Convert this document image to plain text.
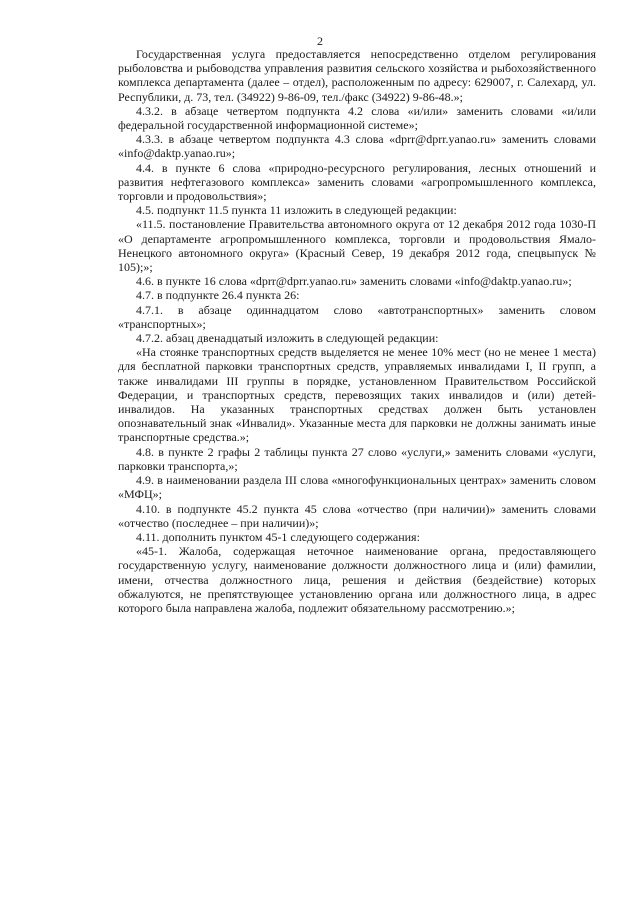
2

Государственная услуга предоставляется непосредственно отделом регулирования рыболовства и рыбоводства управления развития сельского хозяйства и рыбохозяйственного комплекса департамента (далее – отдел), расположенным по адресу: 629007, г. Салехард, ул. Республики, д. 73, тел. (34922) 9-86-09, тел./факс (34922) 9-86-48.»;

4.3.2. в абзаце четвертом подпункта 4.2 слова «и/или» заменить словами «и/или федеральной государственной информационной системе»;

4.3.3. в абзаце четвертом подпункта 4.3 слова «dprr@dprr.yanao.ru» заменить словами «info@daktp.yanao.ru»;

4.4. в пункте 6 слова «природно-ресурсного регулирования, лесных отношений и развития нефтегазового комплекса» заменить словами «агропромышленного комплекса, торговли и продовольствия»;

4.5. подпункт 11.5 пункта 11 изложить в следующей редакции:

«11.5. постановление Правительства автономного округа от 12 декабря 2012 года 1030-П «О департаменте агропромышленного комплекса, торговли и продовольствия Ямало-Ненецкого автономного округа» (Красный Север, 19 декабря 2012 года, спецвыпуск № 105);»;

4.6. в пункте 16 слова «dprr@dprr.yanao.ru» заменить словами «info@daktp.yanao.ru»;

4.7. в подпункте 26.4 пункта 26:

4.7.1. в абзаце одиннадцатом слово «автотранспортных» заменить словом «транспортных»;

4.7.2. абзац двенадцатый изложить в следующей редакции:

«На стоянке транспортных средств выделяется не менее 10% мест (но не менее 1 места) для бесплатной парковки транспортных средств, управляемых инвалидами I, II групп, а также инвалидами III группы в порядке, установленном Правительством Российской Федерации, и транспортных средств, перевозящих таких инвалидов и (или) детей-инвалидов. На указанных транспортных средствах должен быть установлен опознавательный знак «Инвалид». Указанные места для парковки не должны занимать иные транспортные средства.»;

4.8. в пункте 2 графы 2 таблицы пункта 27 слово «услуги,» заменить словами «услуги, парковки транспорта,»;

4.9. в наименовании раздела III слова «многофункциональных центрах» заменить словом «МФЦ»;

4.10. в подпункте 45.2 пункта 45 слова «отчество (при наличии)» заменить словами «отчество (последнее – при наличии)»;

4.11. дополнить пунктом 45-1 следующего содержания:

«45-1. Жалоба, содержащая неточное наименование органа, предоставляющего государственную услугу, наименование должности должностного лица и (или) фамилии, имени, отчества должностного лица, решения и действия (бездействие) которых обжалуются, не препятствующее установлению органа или должностного лица, в адрес которого была направлена жалоба, подлежит обязательному рассмотрению.»;
